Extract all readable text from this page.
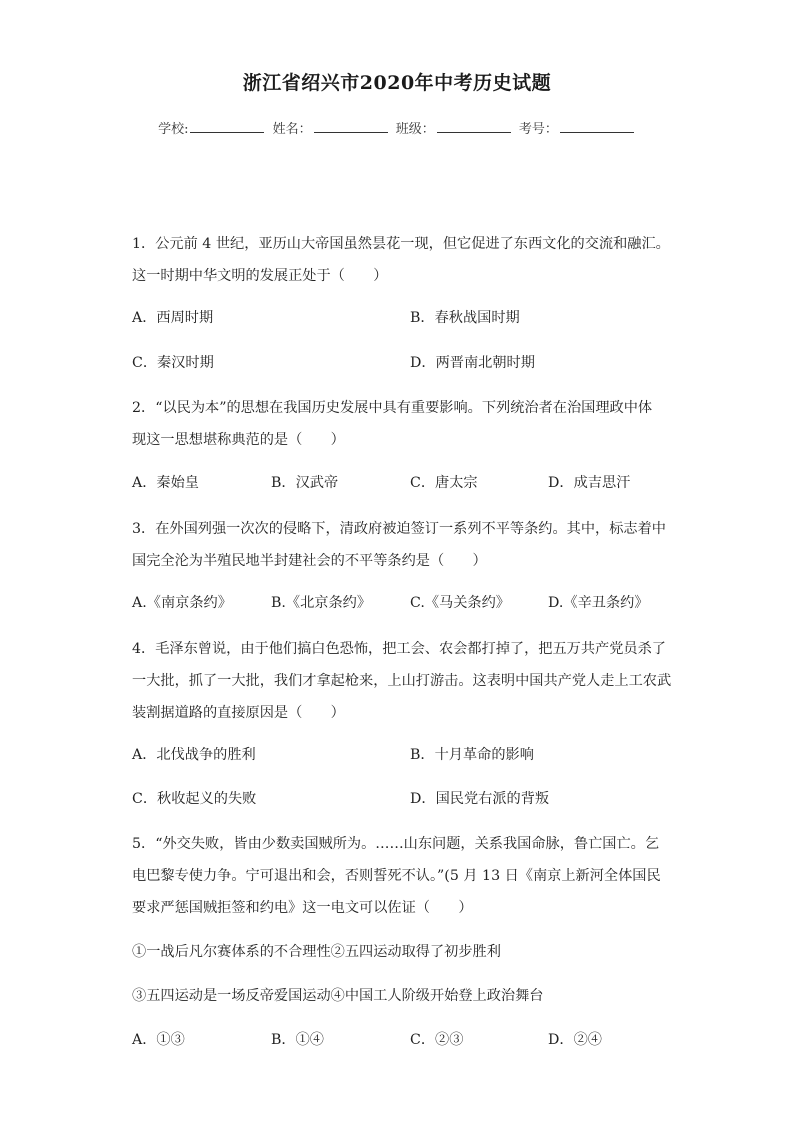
浙江省绍兴市2020年中考历史试题
学校:	姓名：	班级：	考号：
1．公元前 4 世纪，亚历山大帝国虽然昙花一现，但它促进了东西文化的交流和融汇。
这一时期中华文明的发展正处于（　　）
A．西周时期	B．春秋战国时期
C．秦汉时期	D．两晋南北朝时期
2．“以民为本”的思想在我国历史发展中具有重要影响。下列统治者在治国理政中体
现这一思想堪称典范的是（　　）
A．秦始皇	B．汉武帝	C．唐太宗	D．成吉思汗
3．在外国列强一次次的侵略下，清政府被迫签订一系列不平等条约。其中，标志着中
国完全沦为半殖民地半封建社会的不平等条约是（　　）
A.《南京条约》	B.《北京条约》	C.《马关条约》	D.《辛丑条约》
4．毛泽东曾说，由于他们搞白色恐怖，把工会、农会都打掉了，把五万共产党员杀了
一大批，抓了一大批，我们才拿起枪来，上山打游击。这表明中国共产党人走上工农武
装割据道路的直接原因是（　　）
A．北伐战争的胜利	B．十月革命的影响
C．秋收起义的失败	D．国民党右派的背叛
5．“外交失败，皆由少数卖国贼所为。……山东问题，关系我国命脉，鲁亡国亡。乞
电巴黎专使力争。宁可退出和会，否则誓死不认。”(5 月 13 日《南京上新河全体国民
要求严惩国贼拒签和约电》这一电文可以佐证（　　）
①一战后凡尔赛体系的不合理性②五四运动取得了初步胜利
③五四运动是一场反帝爱国运动④中国工人阶级开始登上政治舞台
A．①③	B．①④	C．②③	D．②④
